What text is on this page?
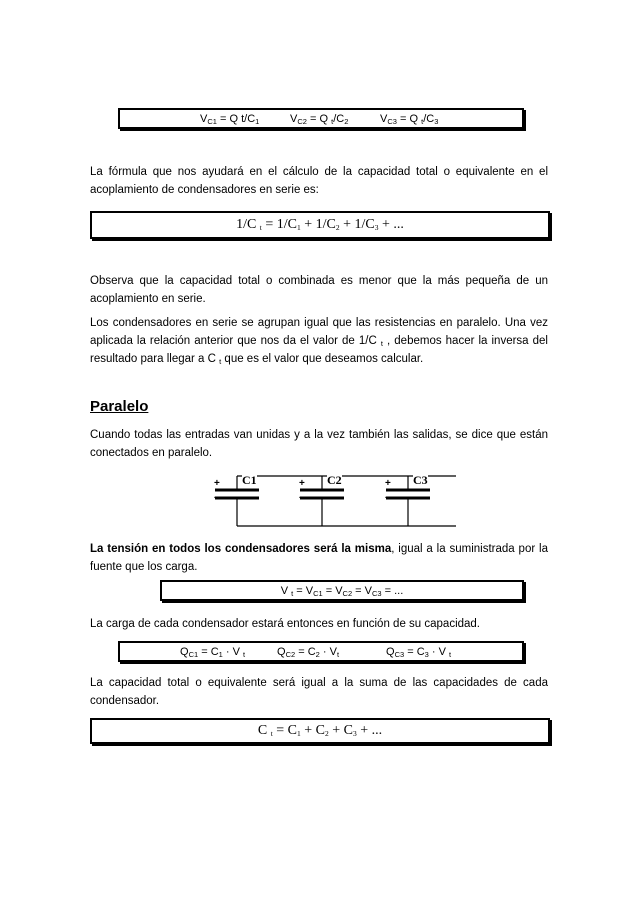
$V_{C1} = Q$ $t/C_1$	$V_{C2} = Q$ $_t/C_2$	$V_{C3} = Q$ $_t/C_3$

La fórmula que nos ayudará en el cálculo de la capacidad total o equivalente en el acoplamiento de condensadores en serie es:

1/C $_t = 1/C_1 + 1/C_2 + 1/C_3$ + ...

Observa que la capacidad total o combinada es menor que la más pequeña de un acoplamiento en serie.

Los condensadores en serie se agrupan igual que las resistencias en paralelo. Una vez aplicada la relación anterior que nos da el valor de 1/C $_t$ , debemos hacer la inversa del resultado para llegar a C $_t$ que es el valor que deseamos calcular.

Paralelo

Cuando todas las entradas van unidas y a la vez también las salidas, se dice que están conectados en paralelo.

C1	C2	C3
+
-
+
-
+
-

La tensión en todos los condensadores será la misma, igual a la suministrada por la fuente que los carga.

V $_t = V_{C1} = V_{C2} = V_{C3}$ = ...

La carga de cada condensador estará entonces en función de su capacidad.

$Q_{C1} = C_1 \cdot V$ $_t$	$Q_{C2} = C_2 \cdot V_t$	$Q_{C3} = C_3 \cdot V$ $_t$

La capacidad total o equivalente será igual a la suma de las capacidades de cada condensador.

C $_t = C_1 + C_2 + C_3$ + ...
